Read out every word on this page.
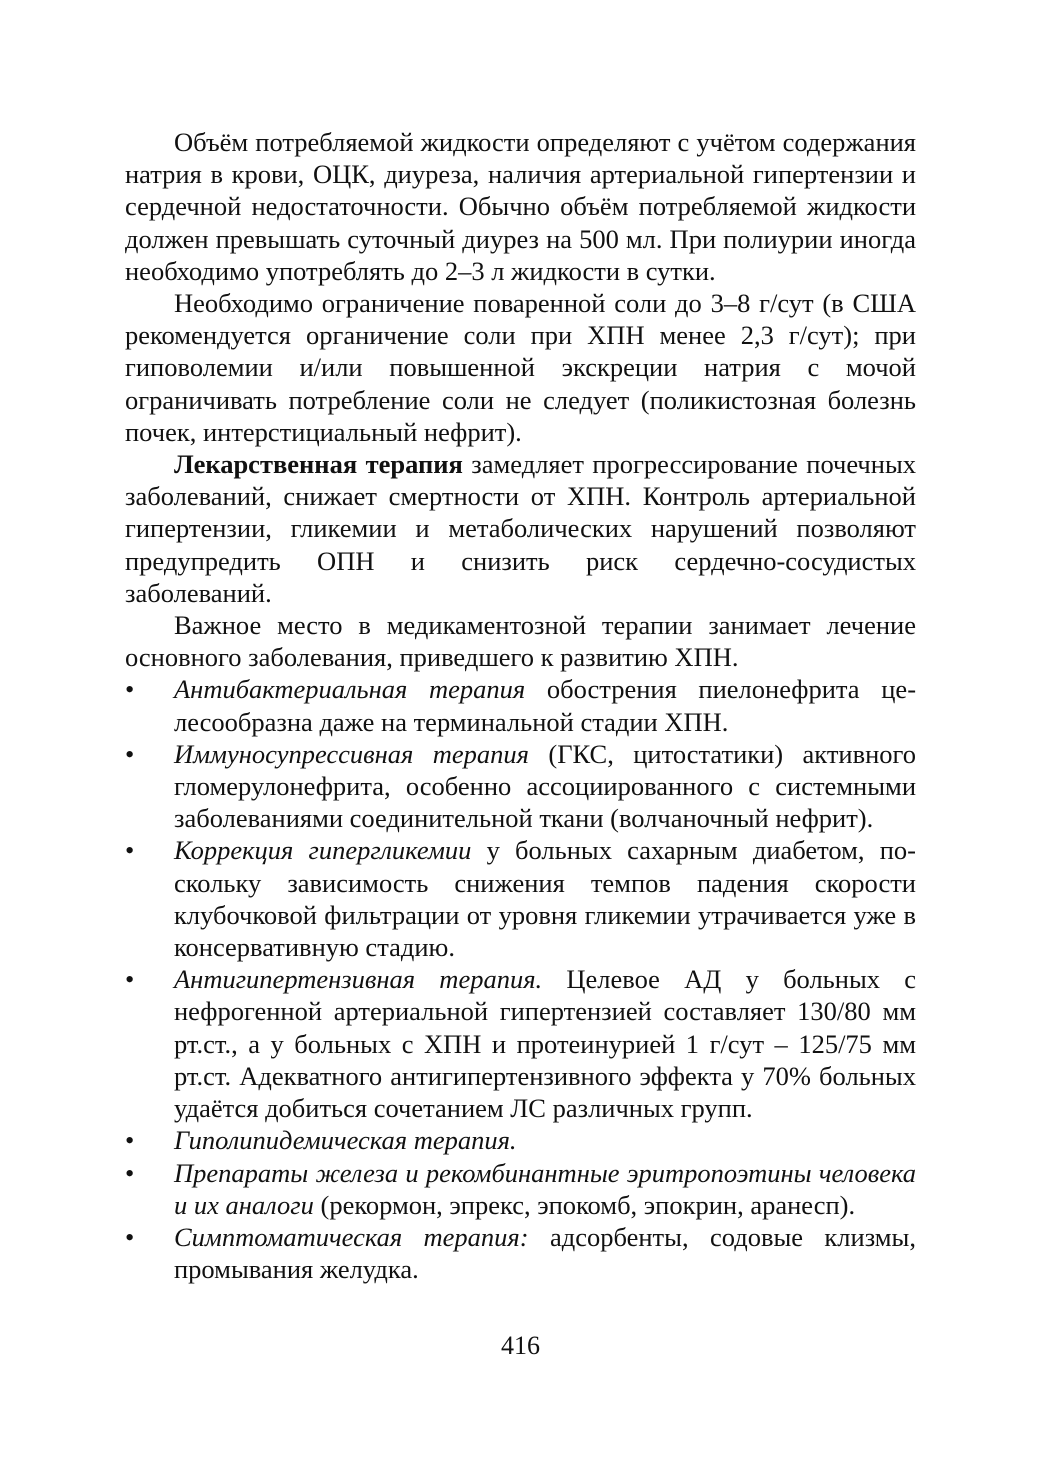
Объём потребляемой жидкости определяют с учётом содержания натрия в крови, ОЦК, диуреза, наличия артериальной гипертензии и сердечной недостаточности. Обычно объём потребляемой жидкости должен превышать суточный диурез на 500 мл. При полиурии иногда необходимо употреблять до 2–3 л жидкости в сутки.

Необходимо ограничение поваренной соли до 3–8 г/сут (в США рекомендуется органичение соли при ХПН менее 2,3 г/сут); при гиповолемии и/или повышенной экскреции натрия с мочой ограничивать потребление соли не следует (поликистозная болезнь почек, интерстициальный нефрит).

Лекарственная терапия замедляет прогрессирование почечных заболеваний, снижает смертности от ХПН. Контроль артериальной гипертензии, гликемии и метаболических нарушений позволяют предупредить ОПН и снизить риск сердечно-сосудистых заболеваний.

Важное место в медикаментозной терапии занимает лечение основного заболевания, приведшего к развитию ХПН.

•	Антибактериальная терапия обострения пиелонефрита целесообразна даже на терминальной стадии ХПН.
•	Иммуносупрессивная терапия (ГКС, цитостатики) активного гломерулонефрита, особенно ассоциированного с системными заболеваниями соединительной ткани (волчаночный нефрит).
•	Коррекция гипергликемии у больных сахарным диабетом, поскольку зависимость снижения темпов падения скорости клубочковой фильтрации от уровня гликемии утрачивается уже в консервативную стадию.
•	Антигипертензивная терапия. Целевое АД у больных с нефрогенной артериальной гипертензией составляет 130/80 мм рт.ст., а у больных с ХПН и протеинурией 1 г/сут – 125/75 мм рт.ст. Адекватного антигипертензивного эффекта у 70% больных удаётся добиться сочетанием ЛС различных групп.
•	Гиполипидемическая терапия.
•	Препараты железа и рекомбинантные эритропоэтины человека и их аналоги (рекормон, эпрекс, эпокомб, эпокрин, аранесп).
•	Симптоматическая терапия: адсорбенты, содовые клизмы, промывания желудка.
416
